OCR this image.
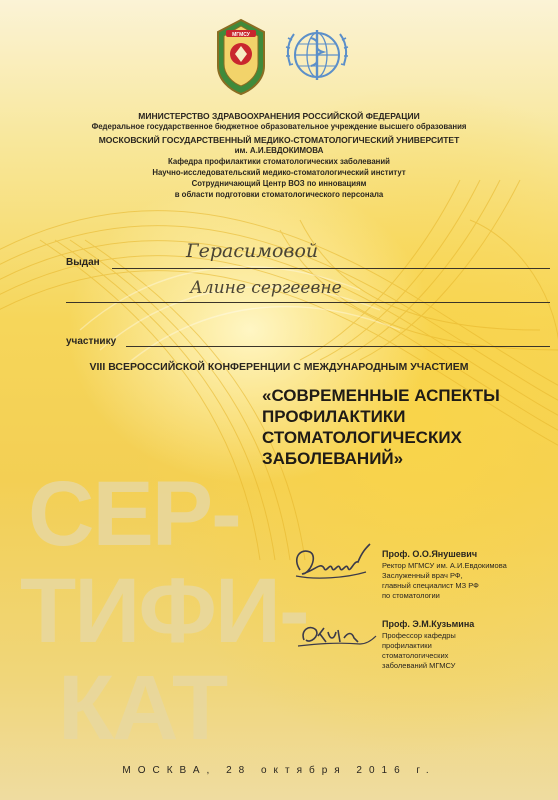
МГМСУ
МИНИСТЕРСТВО ЗДРАВООХРАНЕНИЯ РОССИЙСКОЙ ФЕДЕРАЦИИ
Федеральное государственное бюджетное образовательное учреждение высшего образования
МОСКОВСКИЙ ГОСУДАРСТВЕННЫЙ МЕДИКО-СТОМАТОЛОГИЧЕСКИЙ УНИВЕРСИТЕТ
им. А.И.ЕВДОКИМОВА
Кафедра профилактики стоматологических заболеваний
Научно-исследовательский медико-стоматологический институт
Сотрудничающий Центр ВОЗ по инновациям
в области подготовки стоматологического персонала
Выдан
Герасимовой
Алине сергеевне
участнику
VIII ВСЕРОССИЙСКОЙ КОНФЕРЕНЦИИ С МЕЖДУНАРОДНЫМ УЧАСТИЕМ
«СОВРЕМЕННЫЕ АСПЕКТЫ
ПРОФИЛАКТИКИ
СТОМАТОЛОГИЧЕСКИХ
ЗАБОЛЕВАНИЙ»
СЕР-
ТИФИ-
КАТ
Проф. О.О.Янушевич
Ректор МГМСУ им. А.И.Евдокимова
Заслуженный врач РФ,
главный специалист МЗ РФ
по стоматологии
Проф. Э.М.Кузьмина
Профессор кафедры
профилактики
стоматологических
заболеваний МГМСУ
МОСКВА, 28 октября 2016 г.
